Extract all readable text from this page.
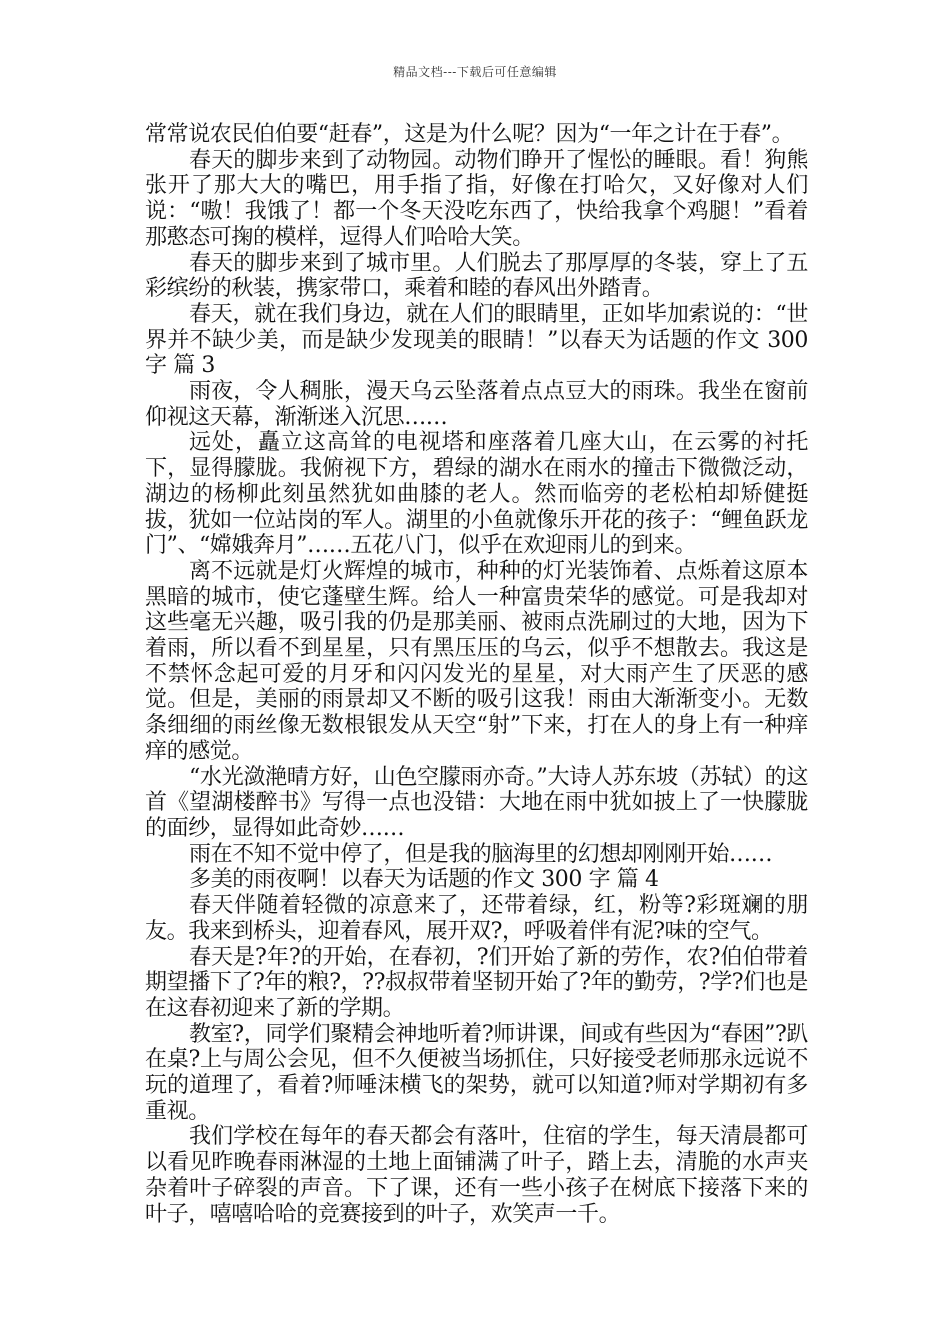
精品文档---下载后可任意编辑

常常说农民伯伯要“赶春”，这是为什么呢？因为“一年之计在于春”。

春天的脚步来到了动物园。动物们睁开了惺忪的睡眼。看！狗熊张开了那大大的嘴巴，用手指了指，好像在打哈欠，又好像对人们说：“嗷！我饿了！都一个冬天没吃东西了，快给我拿个鸡腿！”看着那憨态可掬的模样，逗得人们哈哈大笑。

春天的脚步来到了城市里。人们脱去了那厚厚的冬装，穿上了五彩缤纷的秋装，携家带口，乘着和睦的春风出外踏青。

春天，就在我们身边，就在人们的眼睛里，正如毕加索说的：“世界并不缺少美，而是缺少发现美的眼睛！”以春天为话题的作文 300 字 篇 3

雨夜，令人稠胀，漫天乌云坠落着点点豆大的雨珠。我坐在窗前仰视这天幕，渐渐迷入沉思……

远处，矗立这高耸的电视塔和座落着几座大山，在云雾的衬托下，显得朦胧。我俯视下方，碧绿的湖水在雨水的撞击下微微泛动，湖边的杨柳此刻虽然犹如曲膝的老人。然而临旁的老松柏却矫健挺拔，犹如一位站岗的军人。湖里的小鱼就像乐开花的孩子：“鲤鱼跃龙门”、“嫦娥奔月”……五花八门，似乎在欢迎雨儿的到来。

离不远就是灯火辉煌的城市，种种的灯光装饰着、点烁着这原本黑暗的城市，使它蓬壁生辉。给人一种富贵荣华的感觉。可是我却对这些毫无兴趣，吸引我的仍是那美丽、被雨点洗刷过的大地，因为下着雨，所以看不到星星，只有黑压压的乌云，似乎不想散去。我这是不禁怀念起可爱的月牙和闪闪发光的星星，对大雨产生了厌恶的感觉。但是，美丽的雨景却又不断的吸引这我！雨由大渐渐变小。无数条细细的雨丝像无数根银发从天空“射”下来，打在人的身上有一种痒痒的感觉。

“水光潋滟晴方好，山色空朦雨亦奇。”大诗人苏东坡（苏轼）的这首《望湖楼醉书》写得一点也没错：大地在雨中犹如披上了一快朦胧的面纱，显得如此奇妙……

雨在不知不觉中停了，但是我的脑海里的幻想却刚刚开始……

多美的雨夜啊！以春天为话题的作文 300 字 篇 4

春天伴随着轻微的凉意来了，还带着绿，红，粉等?彩斑斓的朋友。我来到桥头，迎着春风，展开双?，呼吸着伴有泥?味的空气。

春天是?年?的开始，在春初，?们开始了新的劳作，农?伯伯带着期望播下了?年的粮?，??叔叔带着坚韧开始了?年的勤劳，?学?们也是在这春初迎来了新的学期。

教室?，同学们聚精会神地听着?师讲课，间或有些因为“春困”?趴在桌?上与周公会见，但不久便被当场抓住，只好接受老师那永远说不玩的道理了，看着?师唾沫横飞的架势，就可以知道?师对学期初有多重视。

我们学校在每年的春天都会有落叶，住宿的学生，每天清晨都可以看见昨晚春雨淋湿的土地上面铺满了叶子，踏上去，清脆的水声夹杂着叶子碎裂的声音。下了课，还有一些小孩子在树底下接落下来的叶子，嘻嘻哈哈的竞赛接到的叶子，欢笑声一千。
